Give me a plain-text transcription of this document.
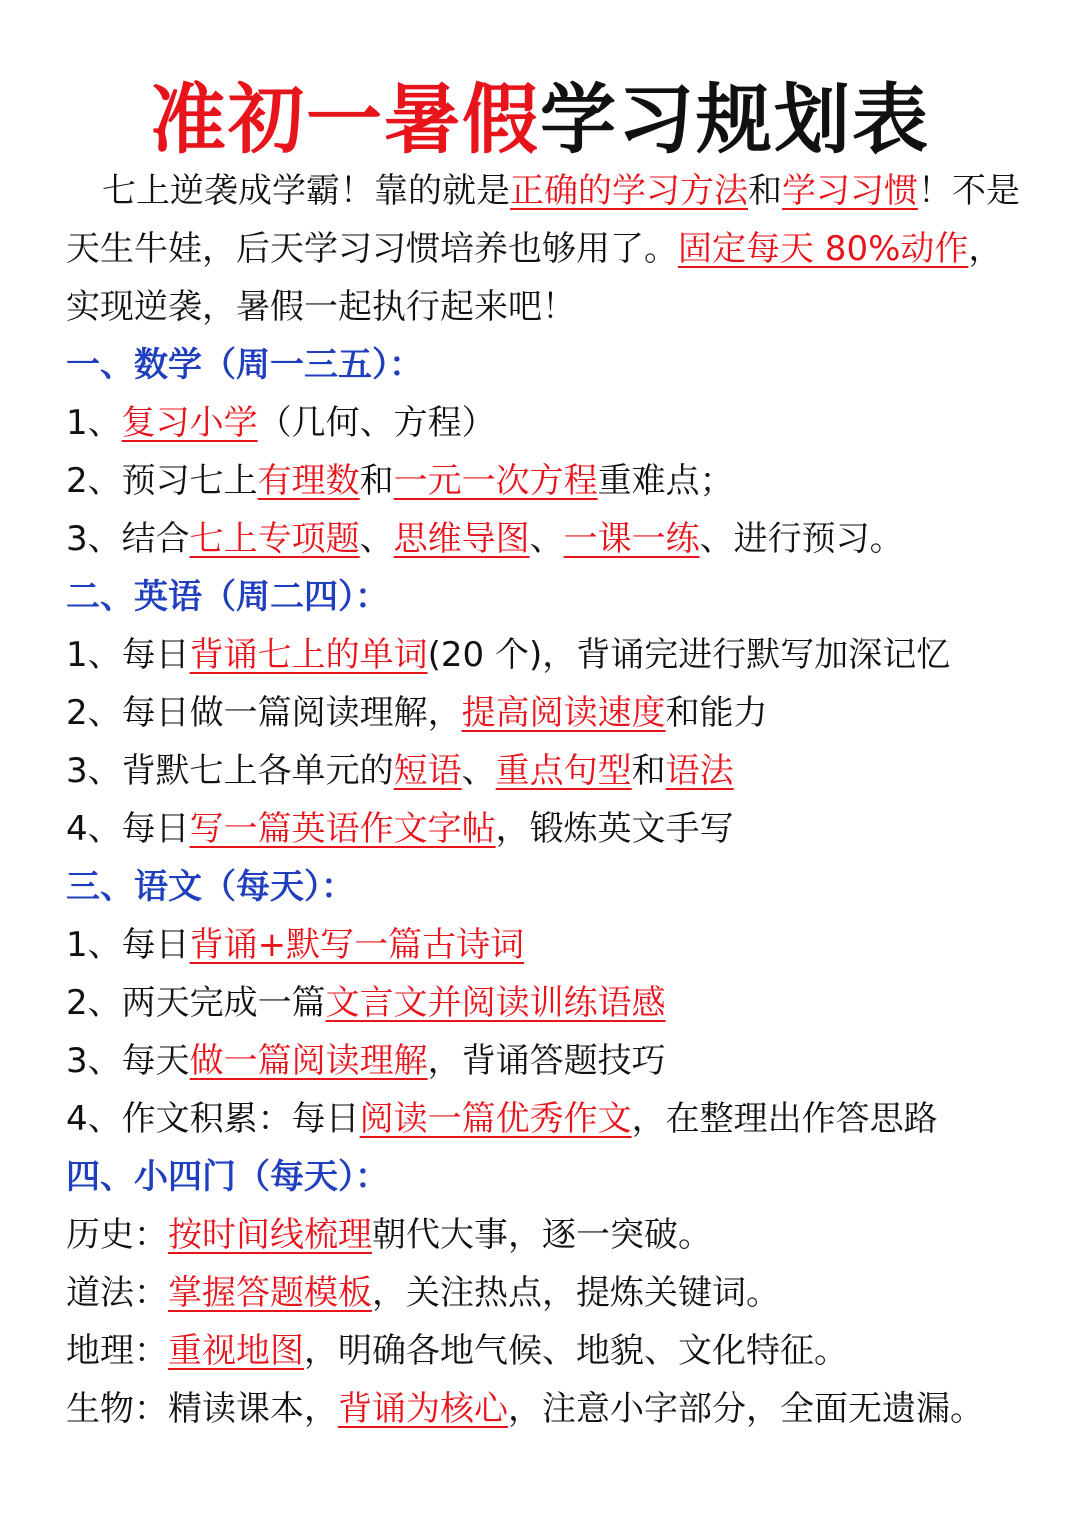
准初一暑假学习规划表

七上逆袭成学霸！靠的就是正确的学习方法和学习习惯！不是天生牛娃，后天学习习惯培养也够用了。固定每天 80%动作，实现逆袭，暑假一起执行起来吧！

一、数学（周一三五）：
1、复习小学（几何、方程）
2、预习七上有理数和一元一次方程重难点；
3、结合七上专项题、思维导图、一课一练、进行预习。
二、英语（周二四）：
1、每日背诵七上的单词(20 个)，背诵完进行默写加深记忆
2、每日做一篇阅读理解，提高阅读速度和能力
3、背默七上各单元的短语、重点句型和语法
4、每日写一篇英语作文字帖，锻炼英文手写
三、语文（每天）：
1、每日背诵+默写一篇古诗词
2、两天完成一篇文言文并阅读训练语感
3、每天做一篇阅读理解，背诵答题技巧
4、作文积累：每日阅读一篇优秀作文，在整理出作答思路
四、小四门（每天）：
历史：按时间线梳理朝代大事，逐一突破。
道法：掌握答题模板，关注热点，提炼关键词。
地理：重视地图，明确各地气候、地貌、文化特征。
生物：精读课本，背诵为核心，注意小字部分，全面无遗漏。
